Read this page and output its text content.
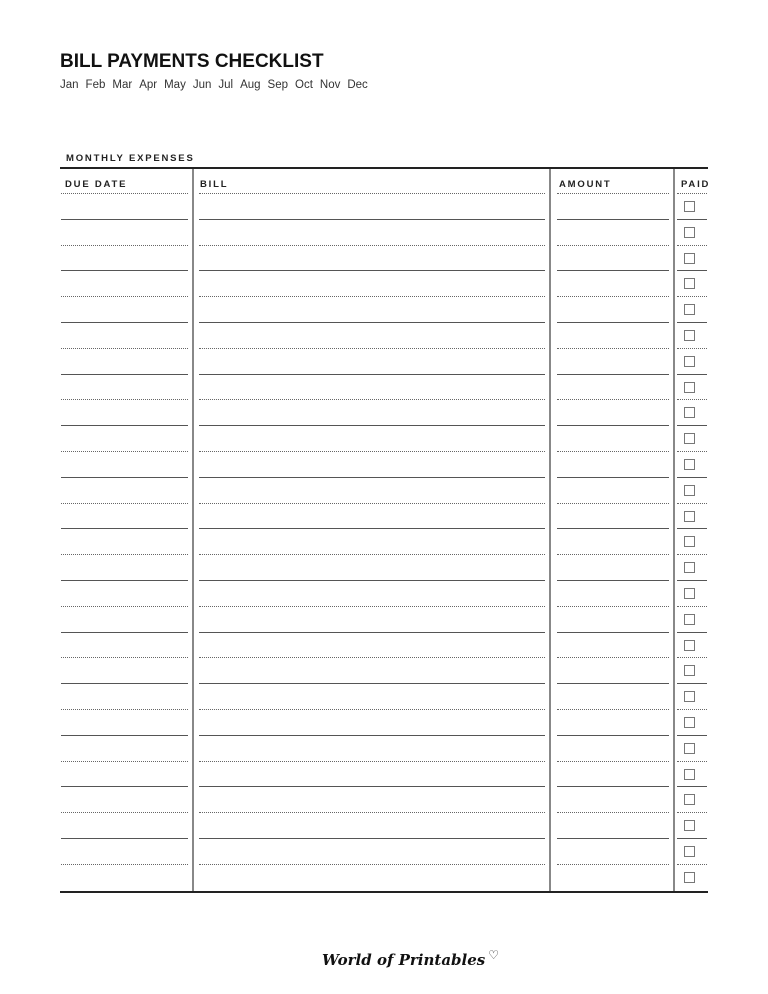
BILL PAYMENTS CHECKLIST
Jan Feb Mar Apr May Jun Jul Aug Sep Oct Nov Dec
MONTHLY EXPENSES
DUE DATE	BILL	AMOUNT	PAID
World of Printables ♡
